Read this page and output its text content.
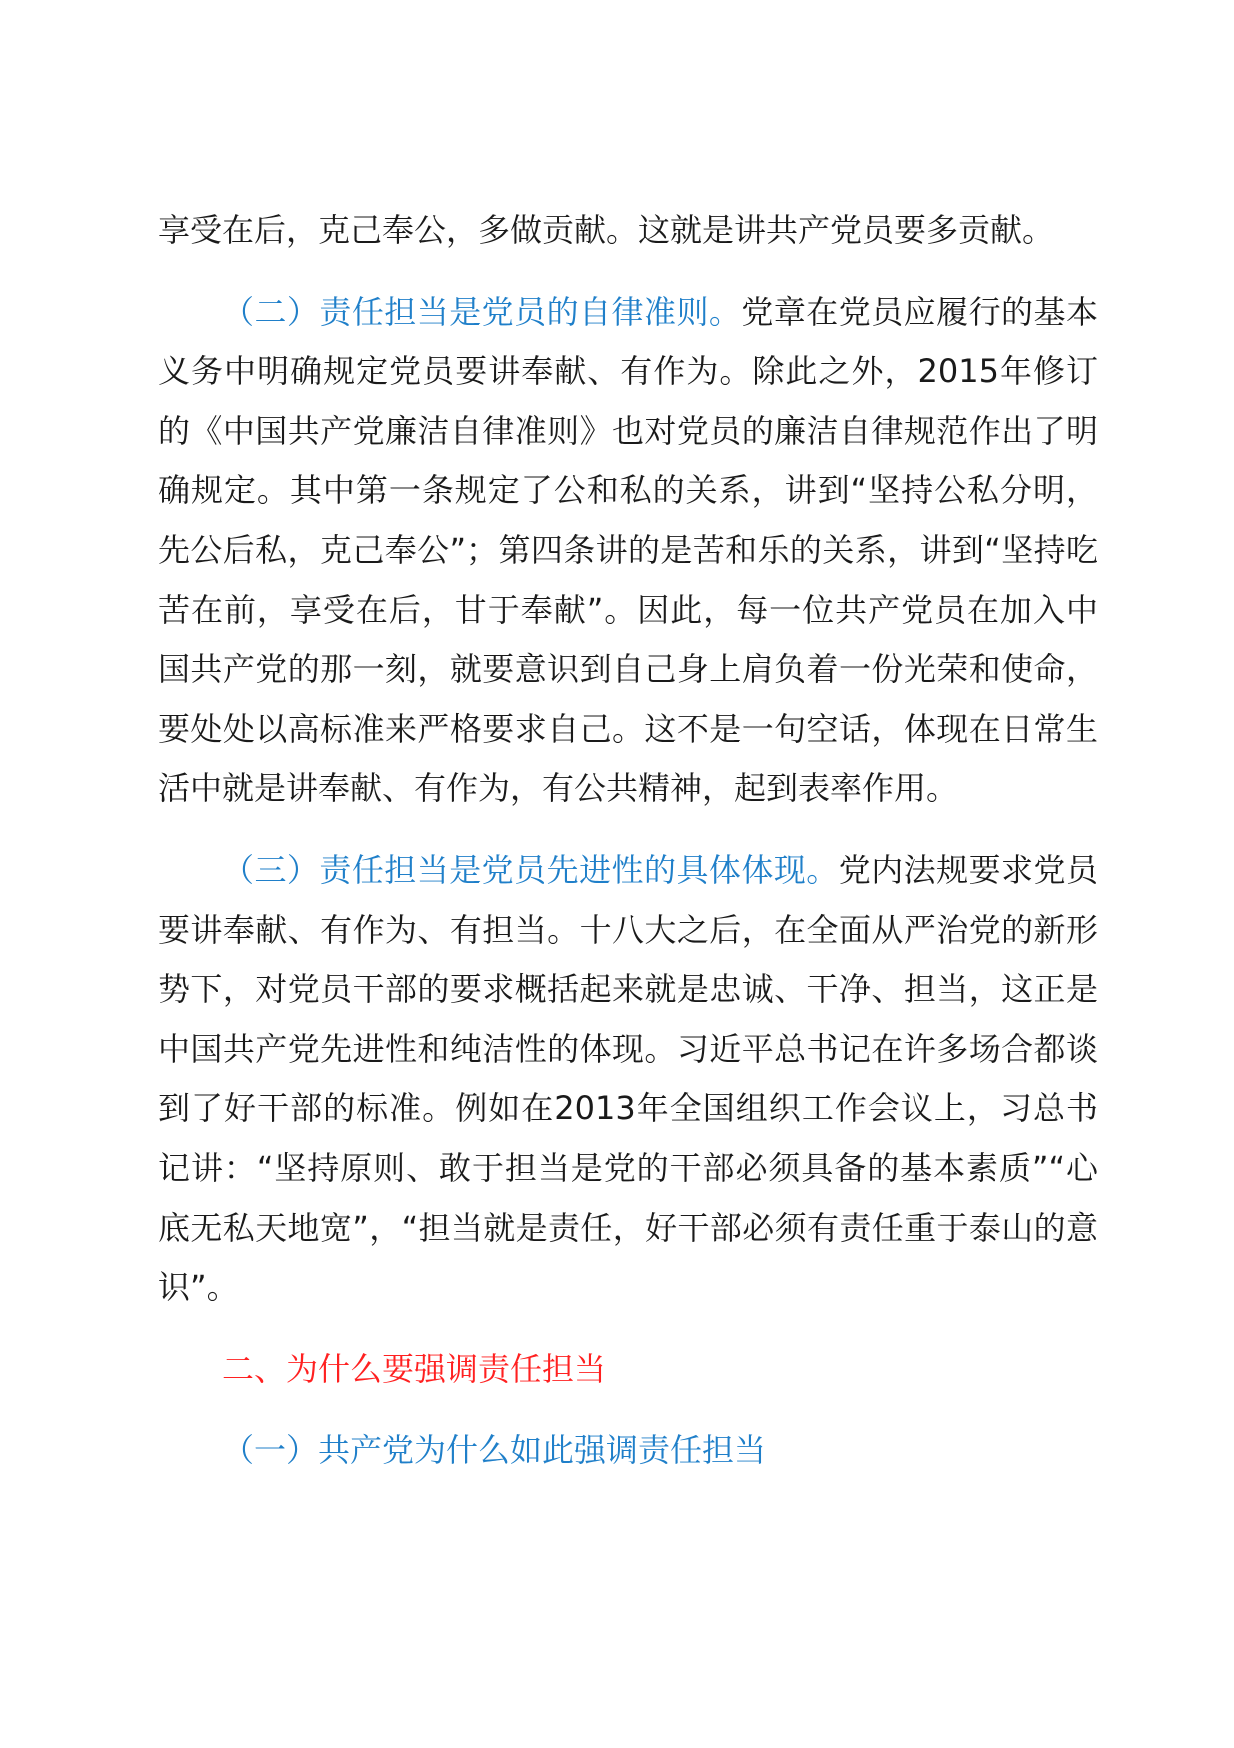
享受在后，克己奉公，多做贡献。这就是讲共产党员要多贡献。

（二）责任担当是党员的自律准则。党章在党员应履行的基本义务中明确规定党员要讲奉献、有作为。除此之外，2015年修订的《中国共产党廉洁自律准则》也对党员的廉洁自律规范作出了明确规定。其中第一条规定了公和私的关系，讲到“坚持公私分明，先公后私，克己奉公”；第四条讲的是苦和乐的关系，讲到“坚持吃苦在前，享受在后，甘于奉献”。因此，每一位共产党员在加入中国共产党的那一刻，就要意识到自己身上肩负着一份光荣和使命，要处处以高标准来严格要求自己。这不是一句空话，体现在日常生活中就是讲奉献、有作为，有公共精神，起到表率作用。

（三）责任担当是党员先进性的具体体现。党内法规要求党员要讲奉献、有作为、有担当。十八大之后，在全面从严治党的新形势下，对党员干部的要求概括起来就是忠诚、干净、担当，这正是中国共产党先进性和纯洁性的体现。习近平总书记在许多场合都谈到了好干部的标准。例如在2013年全国组织工作会议上，习总书记讲：“坚持原则、敢于担当是党的干部必须具备的基本素质”“心底无私天地宽”，“担当就是责任，好干部必须有责任重于泰山的意识”。

二、为什么要强调责任担当

（一）共产党为什么如此强调责任担当
